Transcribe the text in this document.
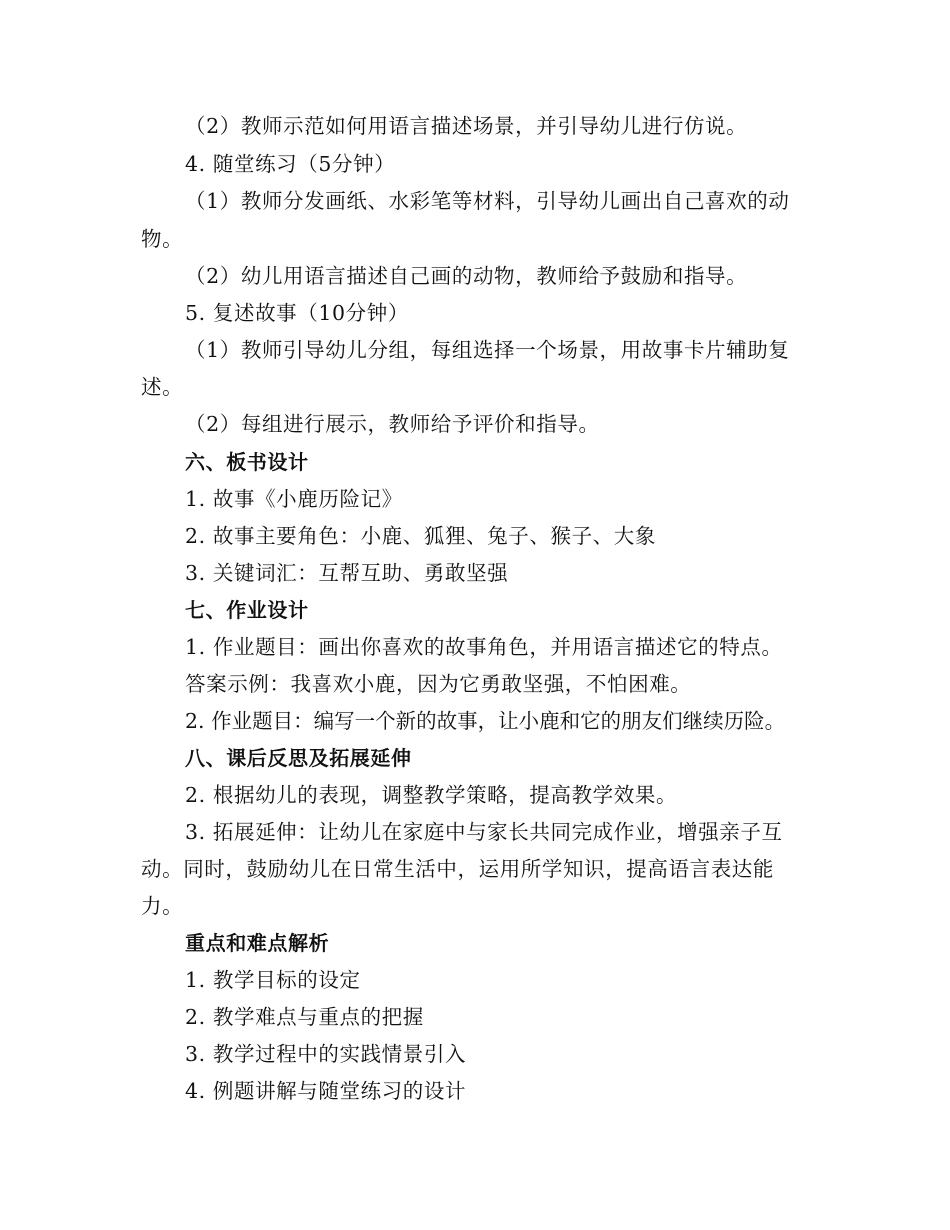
（2）教师示范如何用语言描述场景，并引导幼儿进行仿说。
4. 随堂练习（5分钟）
（1）教师分发画纸、水彩笔等材料，引导幼儿画出自己喜欢的动
物。
（2）幼儿用语言描述自己画的动物，教师给予鼓励和指导。
5. 复述故事（10分钟）
（1）教师引导幼儿分组，每组选择一个场景，用故事卡片辅助复
述。
（2）每组进行展示，教师给予评价和指导。
六、板书设计
1. 故事《小鹿历险记》
2. 故事主要角色：小鹿、狐狸、兔子、猴子、大象
3. 关键词汇：互帮互助、勇敢坚强
七、作业设计
1. 作业题目：画出你喜欢的故事角色，并用语言描述它的特点。
答案示例：我喜欢小鹿，因为它勇敢坚强，不怕困难。
2. 作业题目：编写一个新的故事，让小鹿和它的朋友们继续历险。
八、课后反思及拓展延伸
2. 根据幼儿的表现，调整教学策略，提高教学效果。
3. 拓展延伸：让幼儿在家庭中与家长共同完成作业，增强亲子互
动。同时，鼓励幼儿在日常生活中，运用所学知识，提高语言表达能
力。
重点和难点解析
1. 教学目标的设定
2. 教学难点与重点的把握
3. 教学过程中的实践情景引入
4. 例题讲解与随堂练习的设计
